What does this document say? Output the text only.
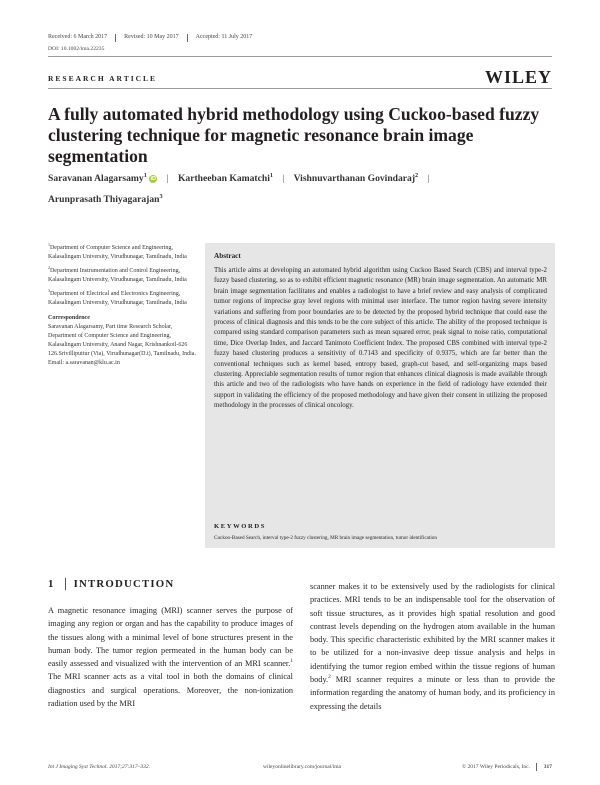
Received: 6 March 2017	Revised: 10 May 2017	Accepted: 11 July 2017
DOI: 10.1002/ima.22235
RESEARCH ARTICLE	WILEY
A fully automated hybrid methodology using Cuckoo-based fuzzy clustering technique for magnetic resonance brain image segmentation
Saravanan Alagarsamy$^1$ iD | Kartheeban Kamatchi$^1$ | Vishnuvarthanan Govindaraj$^2$ |
Arunprasath Thiyagarajan$^3$

$^1$Department of Computer Science and Engineering, Kalasalingam University, Virudhunagar, Tamilnadu, India

$^2$Department Instrumentation and Control Engineering, Kalasalingam University, Virudhunagar, Tamilnadu, India

$^3$Department of Electrical and Electronics Engineering, Kalasalingam University, Virudhunagar, Tamilnadu, India

Correspondence
Saravanan Alagarsamy, Part time Research Scholar, Department of Computer Science and Engineering, Kalasalingam University, Anand Nagar, Krishnankoil-626 126.Srivilliputtur (Via), Virudhunagar(D.t), Tamilnadu, India.
Email: a.saravanan@klu.ac.in
Abstract
This article aims at developing an automated hybrid algorithm using Cuckoo Based Search (CBS) and interval type-2 fuzzy based clustering, so as to exhibit efficient magnetic resonance (MR) brain image segmentation. An automatic MR brain image segmentation facilitates and enables a radiologist to have a brief review and easy analysis of complicated tumor regions of imprecise gray level regions with minimal user interface. The tumor region having severe intensity variations and suffering from poor boundaries are to be detected by the proposed hybrid technique that could ease the process of clinical diagnosis and this tends to be the core subject of this article. The ability of the proposed technique is compared using standard comparison parameters such as mean squared error, peak signal to noise ratio, computational time, Dice Overlap Index, and Jaccard Tanimoto Coefficient Index. The proposed CBS combined with interval type-2 fuzzy based clustering produces a sensitivity of 0.7143 and specificity of 0.9375, which are far better than the conventional techniques such as kernel based, entropy based, graph-cut based, and self-organizing maps based clustering. Appreciable segmentation results of tumor region that enhances clinical diagnosis is made available through this article and two of the radiologists who have hands on experience in the field of radiology have extended their support in validating the efficiency of the proposed methodology and have given their consent in utilizing the proposed methodology in the processes of clinical oncology.
KEYWORDS
Cuckoo-Based Search, interval type-2 fuzzy clustering, MR brain image segmentation, tumor identification
1 INTRODUCTION
A magnetic resonance imaging (MRI) scanner serves the purpose of imaging any region or organ and has the capability to produce images of the tissues along with a minimal level of bone structures present in the human body. The tumor region permeated in the human body can be easily assessed and visualized with the intervention of an MRI scanner.$^1$ The MRI scanner acts as a vital tool in both the domains of clinical diagnostics and surgical operations. Moreover, the non-ionization radiation used by the MRI
scanner makes it to be extensively used by the radiologists for clinical practices. MRI tends to be an indispensable tool for the observation of soft tissue structures, as it provides high spatial resolution and good contrast levels depending on the hydrogen atom available in the human body. This specific characteristic exhibited by the MRI scanner makes it to be utilized for a non-invasive deep tissue analysis and helps in identifying the tumor region embed within the tissue regions of human body.$^2$ MRI scanner requires a minute or less than to provide the information regarding the anatomy of human body, and its proficiency in expressing the details
Int J Imaging Syst Technol. 2017;27:317–332.	wileyonlinelibrary.com/journal/ima	© 2017 Wiley Periodicals, Inc.	317
